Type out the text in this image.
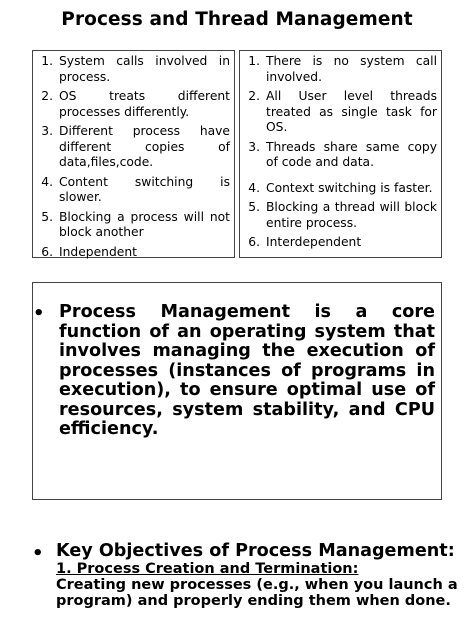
Process and Thread Management
1. System calls involved in process.
2. OS treats different processes differently.
3. Different process have different copies of data,files,code.
4. Content switching is slower.
5. Blocking a process will not block another
6. Independent
1. There is no system call involved.
2. All User level threads treated as single task for OS.
3. Threads share same copy of code and data.
4. Context switching is faster.
5. Blocking a thread will block entire process.
6. Interdependent
• Process Management is a core function of an operating system that involves managing the execution of processes (instances of programs in execution), to ensure optimal use of resources, system stability, and CPU efficiency.
• Key Objectives of Process Management:
1. Process Creation and Termination:
Creating new processes (e.g., when you launch a program) and properly ending them when done.
